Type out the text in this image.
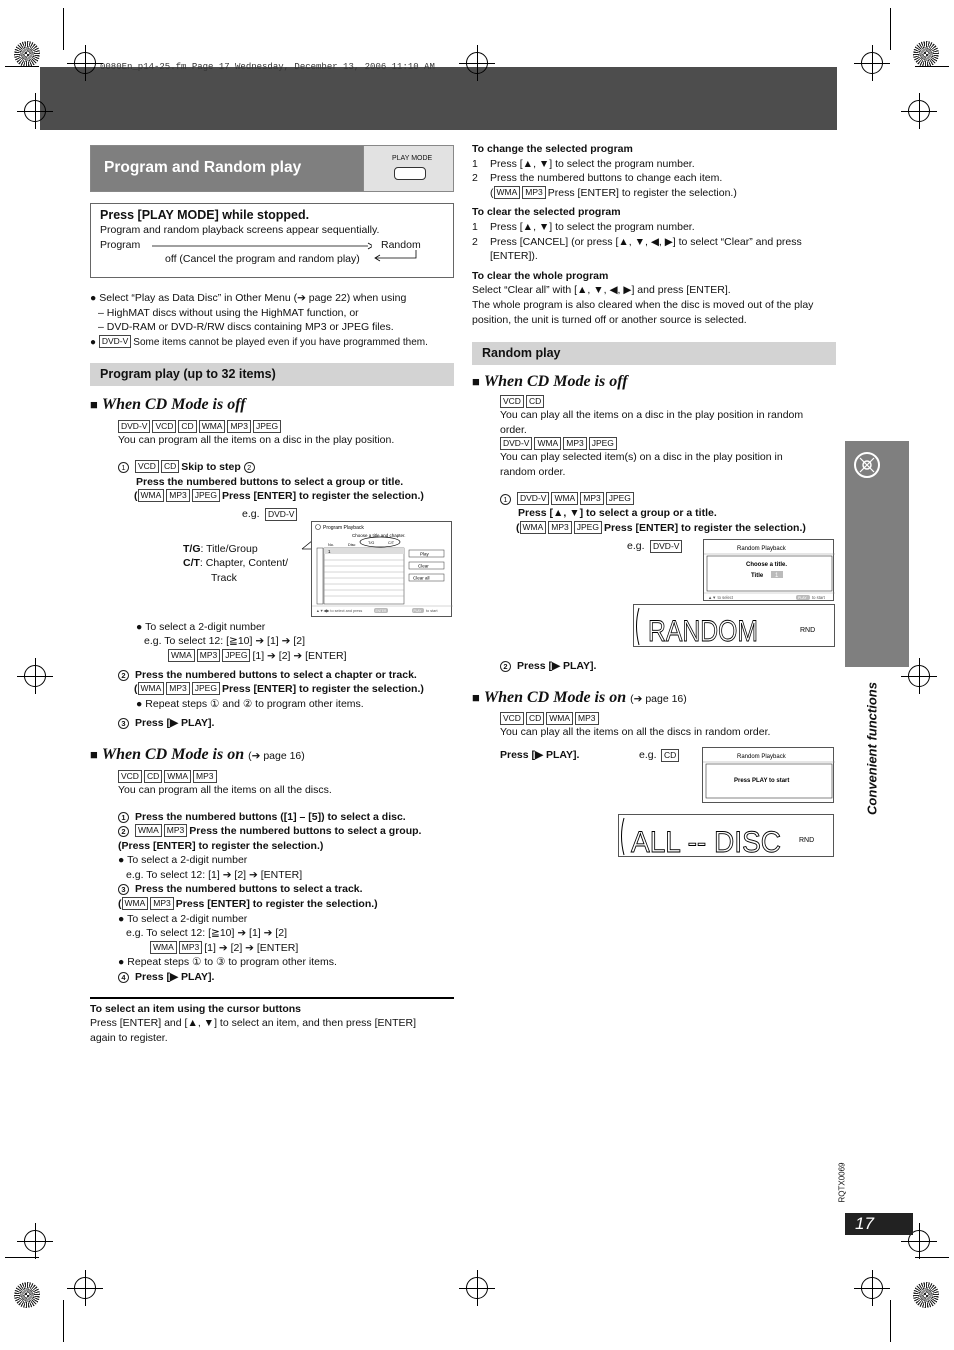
0080En_p14-25.fm Page 17 Wednesday, December 13, 2006 11:10 AM
Convenient functions
RQTX0069
17
Program and Random play
PLAY MODE
Press [PLAY MODE] while stopped.
Program and random playback screens appear sequentially.
Program	Random
off (Cancel the program and random play)
● Select “Play as Data Disc” in Other Menu (➔ page 22) when using
– HighMAT discs without using the HighMAT function, or
– DVD-RAM or DVD-R/RW discs containing MP3 or JPEG files.
● DVD-V Some items cannot be played even if you have programmed them.
Program play (up to 32 items)
■ When CD Mode is off
DVD-V VCD CD WMA MP3 JPEG

You can program all the items on a disc in the play position.

1 VCD CD Skip to step 2
Press the numbered buttons to select a group or title.
( WMA MP3 JPEG Press [ENTER] to register the selection.)
e.g. DVD-V
T/G: Title/Group
C/T: Chapter, Content/
Track
Program Playback
Choose a title and chapter.
No.	Disc	T/G	C/T
1	Play
Clear
Clear all
▲▼◀▶ to select and press	ENTER	PLAY to start
● To select a 2-digit number
e.g. To select 12: [≧10] ➔ [1] ➔ [2]
WMA MP3 JPEG [1] ➔ [2] ➔ [ENTER]
2 Press the numbered buttons to select a chapter or track.
( WMA MP3 JPEG Press [ENTER] to register the selection.)
● Repeat steps ① and ② to program other items.
3 Press [▶ PLAY].
■ When CD Mode is on (➔ page 16)
VCD CD WMA MP3

You can program all the items on all the discs.

1 Press the numbered buttons ([1] – [5]) to select a disc.
2 WMA MP3 Press the numbered buttons to select a group.
(Press [ENTER] to register the selection.)
● To select a 2-digit number
e.g. To select 12: [1] ➔ [2] ➔ [ENTER]
3 Press the numbered buttons to select a track.
( WMA MP3 Press [ENTER] to register the selection.)
● To select a 2-digit number
e.g. To select 12: [≧10] ➔ [1] ➔ [2]
WMA MP3 [1] ➔ [2] ➔ [ENTER]
● Repeat steps ① to ③ to program other items.
4 Press [▶ PLAY].
To select an item using the cursor buttons
Press [ENTER] and [▲, ▼] to select an item, and then press [ENTER]
again to register.
To change the selected program
1 Press [▲, ▼] to select the program number.
2 Press the numbered buttons to change each item.
( WMA MP3 Press [ENTER] to register the selection.)
To clear the selected program
1 Press [▲, ▼] to select the program number.
2 Press [CANCEL] (or press [▲, ▼, ◀, ▶] to select “Clear” and press
[ENTER]).
To clear the whole program
Select “Clear all” with [▲, ▼, ◀, ▶] and press [ENTER].
The whole program is also cleared when the disc is moved out of the play
position, the unit is turned off or another source is selected.
Random play
■ When CD Mode is off
VCD CD
You can play all the items on a disc in the play position in random
order.
DVD-V WMA MP3 JPEG
You can play selected item(s) on a disc in the play position in
random order.
1 DVD-V WMA MP3 JPEG
Press [▲, ▼] to select a group or a title.
( WMA MP3 JPEG Press [ENTER] to register the selection.)
e.g. DVD-V	Random Playback
Choose a title.
Title 1
▲▼ to select	PLAY to start
RANDOM	RND
2 Press [▶ PLAY].
■ When CD Mode is on (➔ page 16)
VCD CD WMA MP3
You can play all the items on all the discs in random order.
Press [▶ PLAY].	e.g. CD	Random Playback
Press PLAY to start
ALL -- DISC	RND
